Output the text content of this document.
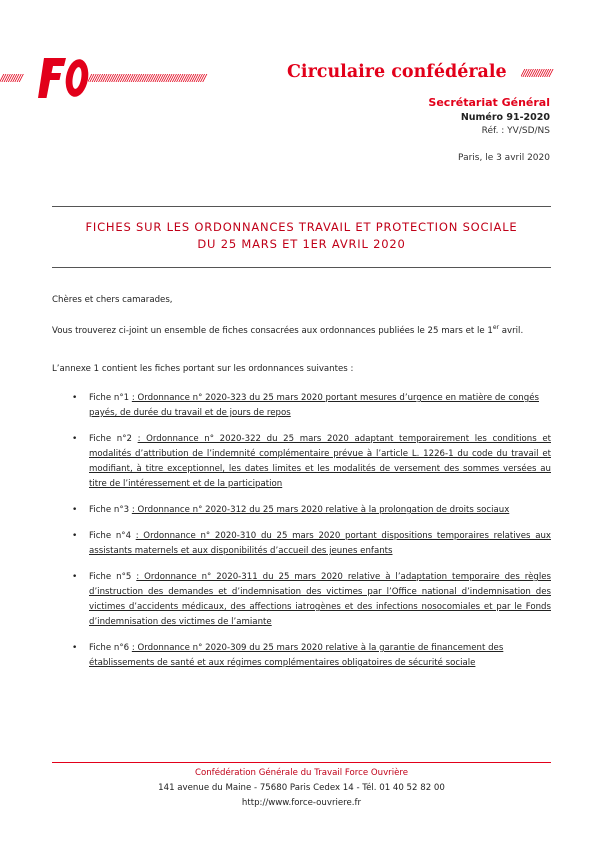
//////////	//////////////////////////////////////////////////////	Circulaire confédérale //////////////
Secrétariat Général
Numéro 91-2020
Réf. : YV/SD/NS
Paris, le 3 avril 2020
FICHES SUR LES ORDONNANCES TRAVAIL ET PROTECTION SOCIALE
DU 25 MARS ET 1ER AVRIL 2020

Chères et chers camarades,

Vous trouverez ci-joint un ensemble de fiches consacrées aux ordonnances publiées le 25 mars et le 1er avril.

L’annexe 1 contient les fiches portant sur les ordonnances suivantes :

• Fiche n°1 : Ordonnance n° 2020-323 du 25 mars 2020 portant mesures d’urgence en matière de congés payés, de durée du travail et de jours de repos
• Fiche n°2 : Ordonnance n° 2020-322 du 25 mars 2020 adaptant temporairement les conditions et modalités d’attribution de l’indemnité complémentaire prévue à l’article L. 1226-1 du code du travail et modifiant, à titre exceptionnel, les dates limites et les modalités de versement des sommes versées au titre de l’intéressement et de la participation
• Fiche n°3 : Ordonnance n° 2020-312 du 25 mars 2020 relative à la prolongation de droits sociaux
• Fiche n°4 : Ordonnance n° 2020-310 du 25 mars 2020 portant dispositions temporaires relatives aux assistants maternels et aux disponibilités d’accueil des jeunes enfants
• Fiche n°5 : Ordonnance n° 2020-311 du 25 mars 2020 relative à l’adaptation temporaire des règles d’instruction des demandes et d’indemnisation des victimes par l’Office national d’indemnisation des victimes d’accidents médicaux, des affections iatrogènes et des infections nosocomiales et par le Fonds d’indemnisation des victimes de l’amiante
• Fiche n°6 : Ordonnance n° 2020-309 du 25 mars 2020 relative à la garantie de financement des établissements de santé et aux régimes complémentaires obligatoires de sécurité sociale
Confédération Générale du Travail Force Ouvrière
141 avenue du Maine - 75680 Paris Cedex 14 - Tél. 01 40 52 82 00
http://www.force-ouvriere.fr
